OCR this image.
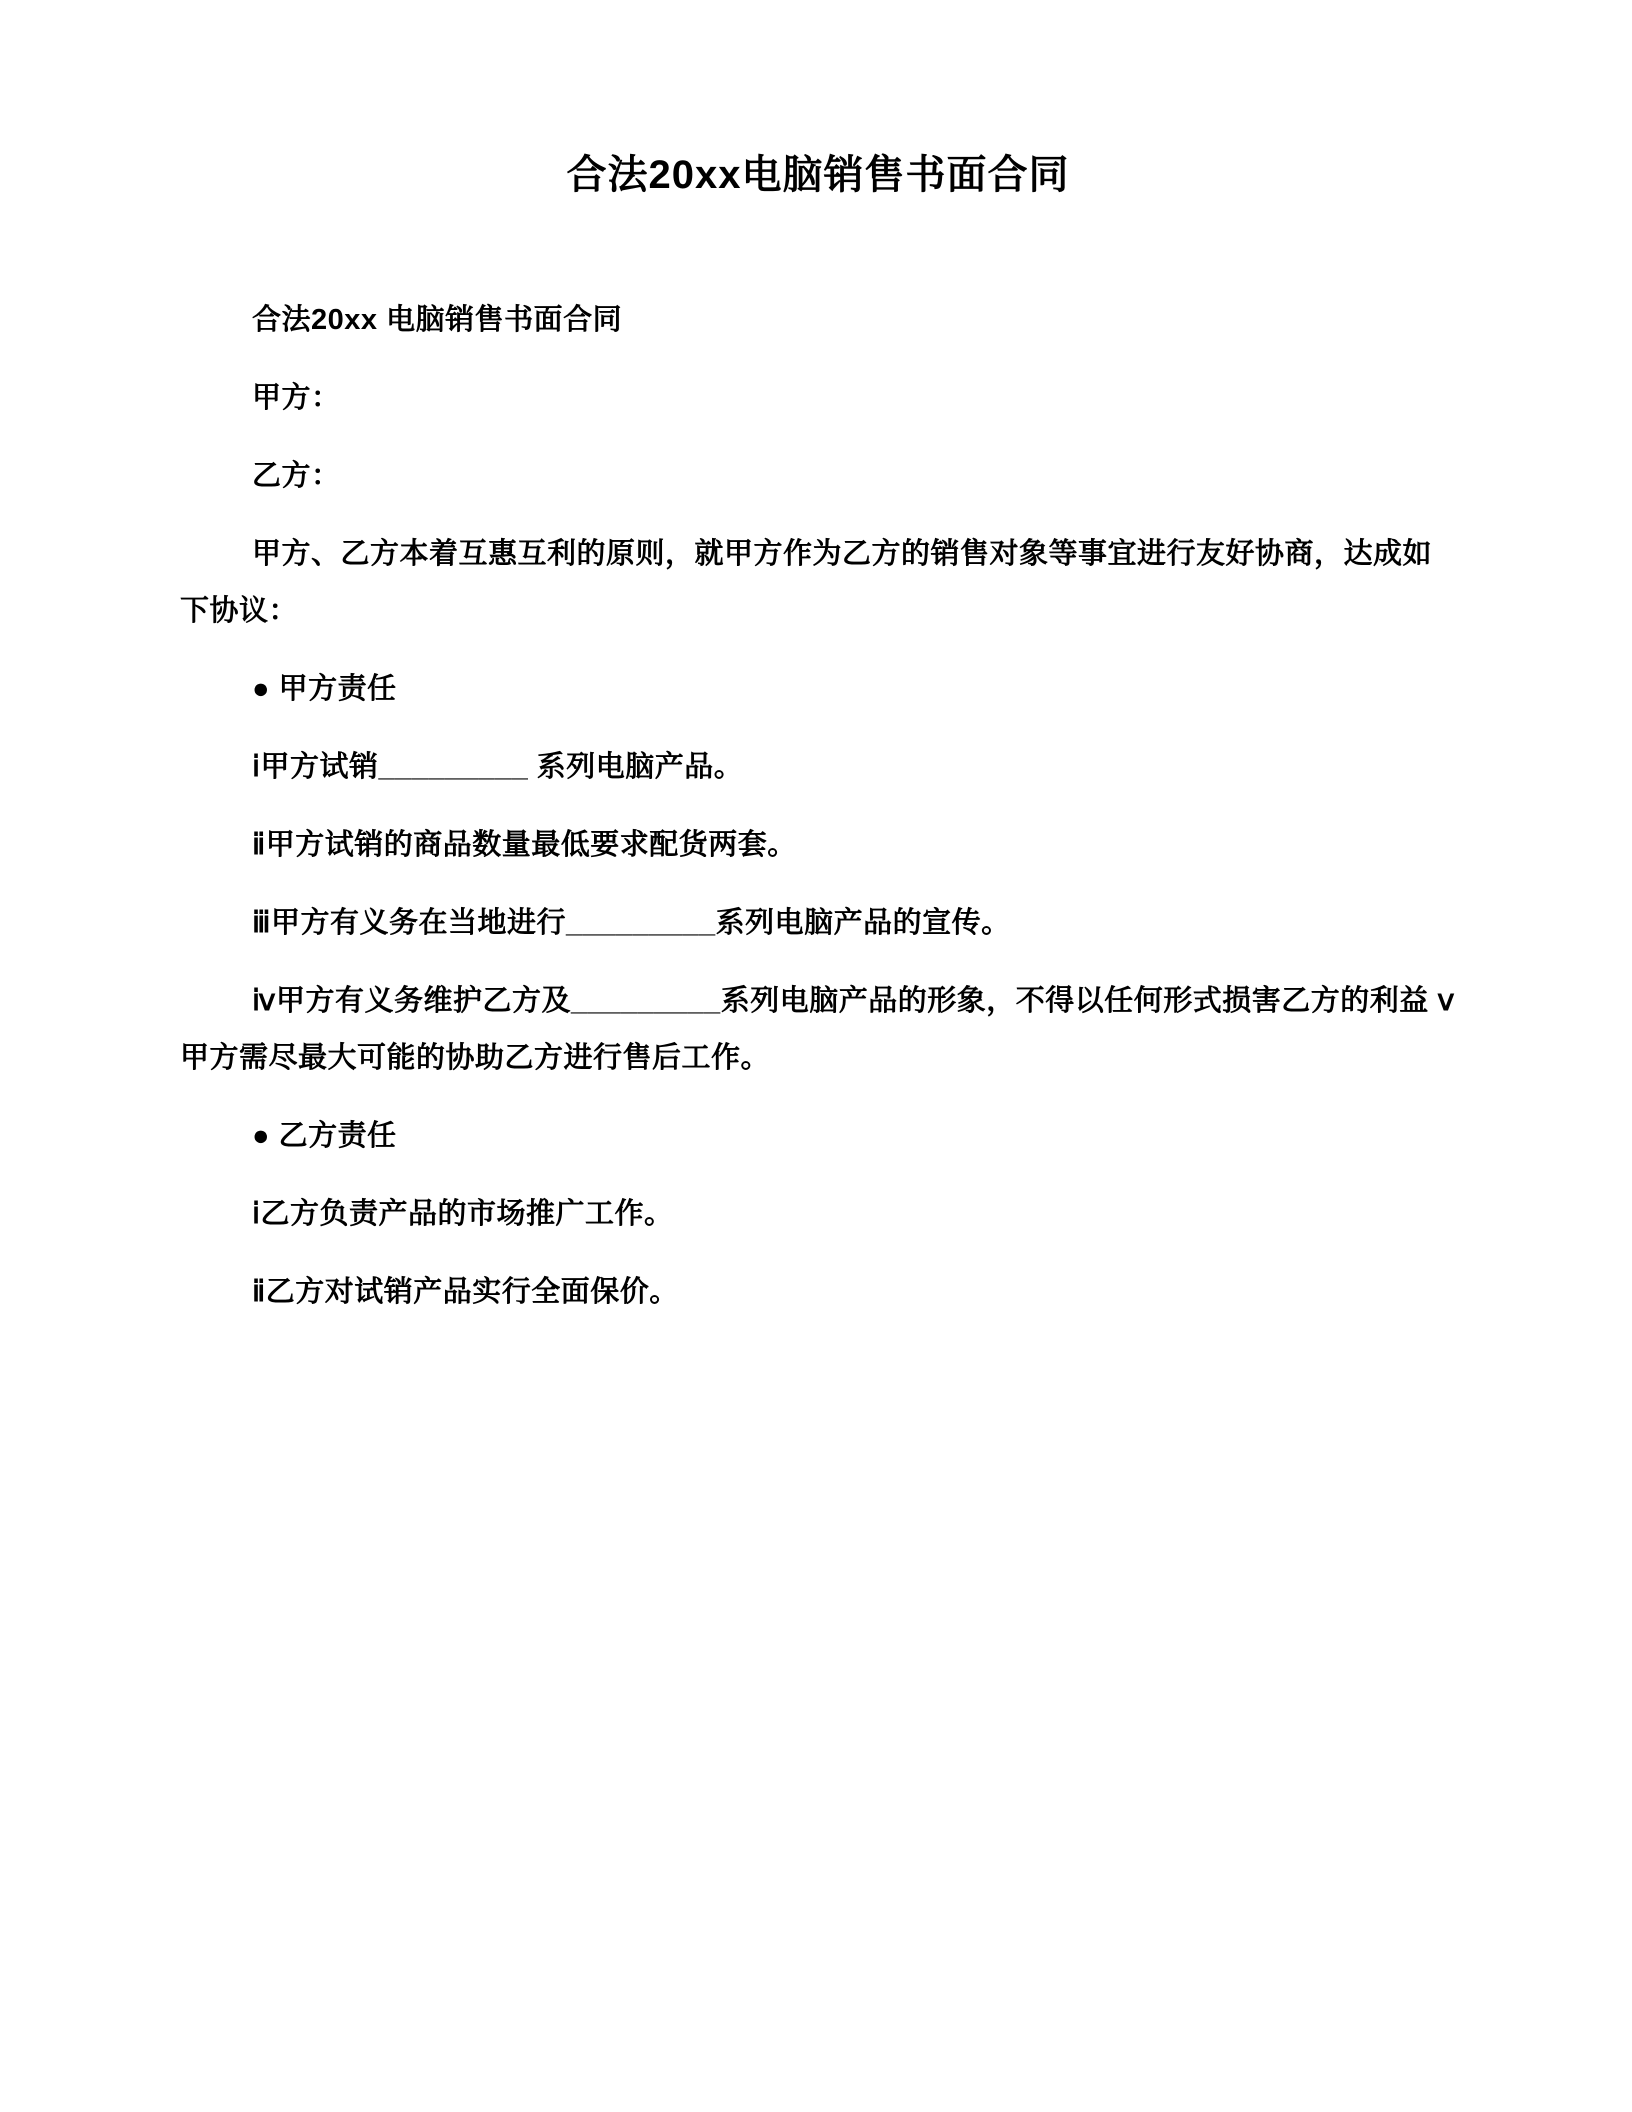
合法20xx电脑销售书面合同

合法20xx 电脑销售书面合同

甲方：

乙方：

甲方、乙方本着互惠互利的原则，就甲方作为乙方的销售对象等事宜进行友好协商，达成如下协议：

● 甲方责任

ⅰ甲方试销_________ 系列电脑产品。

ⅱ甲方试销的商品数量最低要求配货两套。

ⅲ甲方有义务在当地进行_________系列电脑产品的宣传。

ⅳ甲方有义务维护乙方及_________系列电脑产品的形象，不得以任何形式损害乙方的利益 ⅴ甲方需尽最大可能的协助乙方进行售后工作。

● 乙方责任

ⅰ乙方负责产品的市场推广工作。

ⅱ乙方对试销产品实行全面保价。
